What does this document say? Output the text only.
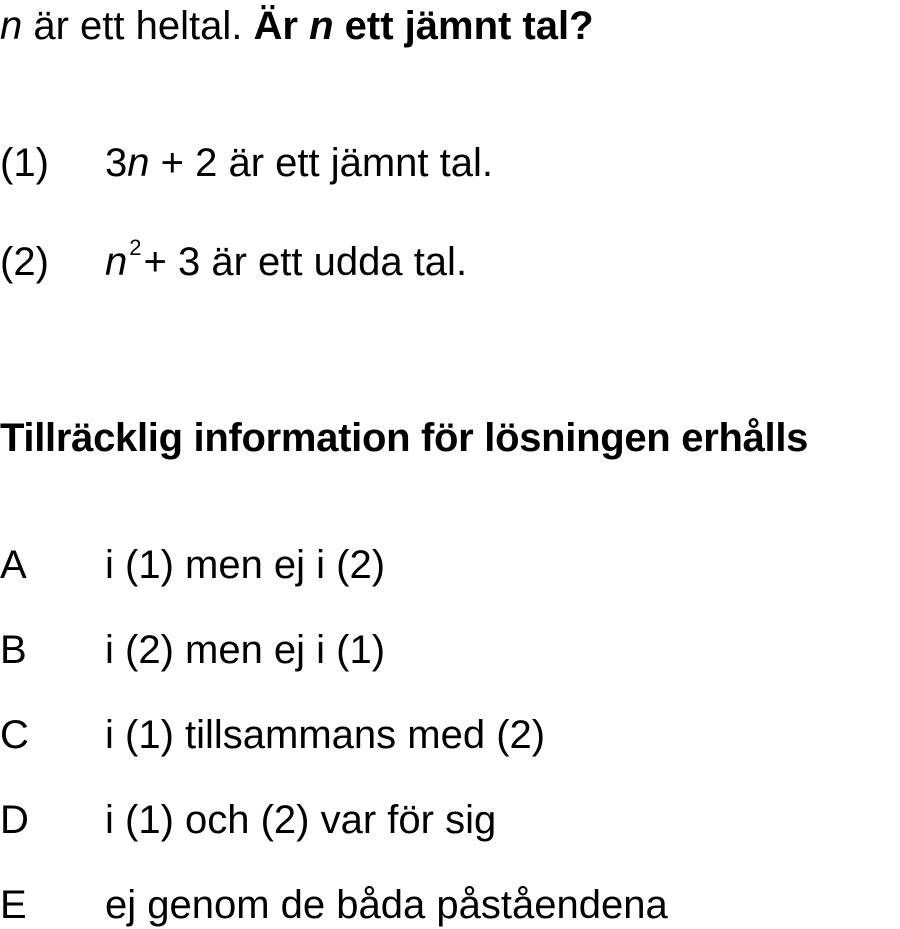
n är ett heltal. Är n ett jämnt tal?
(1) 3n + 2 är ett jämnt tal.
(2) $n^2+ 3$ är ett udda tal.
Tillräcklig information för lösningen erhålls
A i (1) men ej i (2)
B i (2) men ej i (1)
C i (1) tillsammans med (2)
D i (1) och (2) var för sig
E ej genom de båda påståendena
